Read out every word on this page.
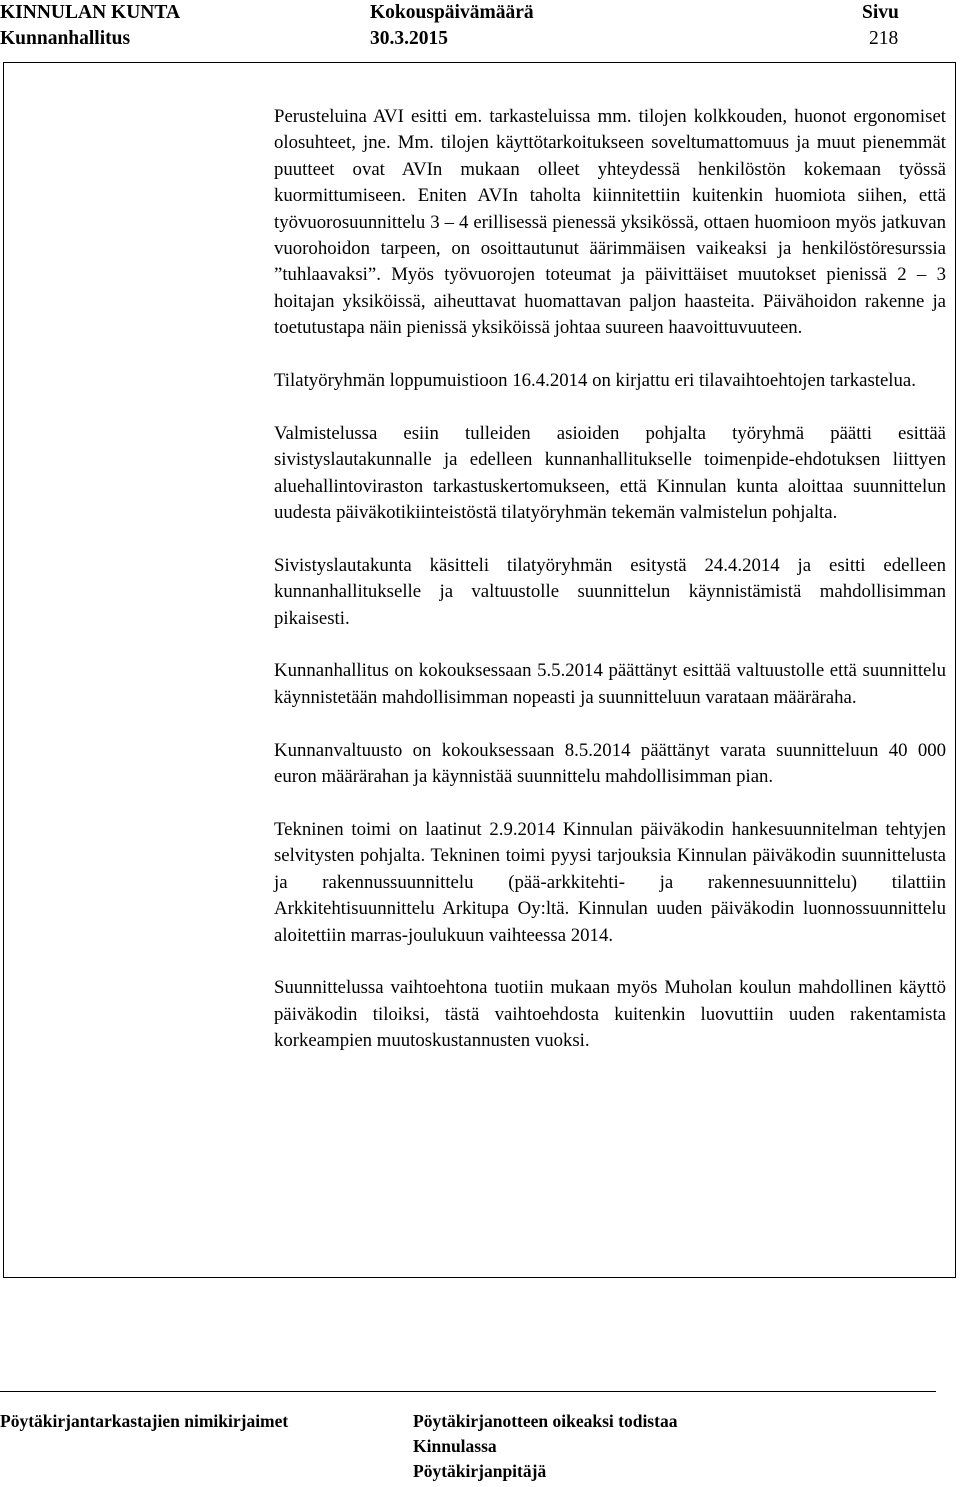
KINNULAN KUNTA
Kunnanhallitus
Kokouspäivämäärä
30.3.2015
Sivu
218

Perusteluina AVI esitti em. tarkasteluissa mm. tilojen kolkkouden, huonot ergonomiset olosuhteet, jne. Mm. tilojen käyttötarkoitukseen soveltumattomuus ja muut pienemmät puutteet ovat AVIn mukaan olleet yhteydessä henkilöstön kokemaan työssä kuormittumiseen. Eniten AVIn taholta kiinnitettiin kuitenkin huomiota siihen, että työvuorosuunnittelu 3 – 4 erillisessä pienessä yksikössä, ottaen huomioon myös jatkuvan vuorohoidon tarpeen, on osoittautunut äärimmäisen vaikeaksi ja henkilöstöresurssia ”tuhlaavaksi”. Myös työvuorojen toteumat ja päivittäiset muutokset pienissä 2 – 3 hoitajan yksiköissä, aiheuttavat huomattavan paljon haasteita. Päivähoidon rakenne ja toetutustapa näin pienissä yksiköissä johtaa suureen haavoittuvuuteen.

Tilatyöryhmän loppumuistioon 16.4.2014 on kirjattu eri tilavaihtoehtojen tarkastelua.

Valmistelussa esiin tulleiden asioiden pohjalta työryhmä päätti esittää sivistyslautakunnalle ja edelleen kunnanhallitukselle toimenpide-ehdotuksen liittyen aluehallintoviraston tarkastuskertomukseen, että Kinnulan kunta aloittaa suunnittelun uudesta päiväkotikiinteistöstä tilatyöryhmän tekemän valmistelun pohjalta.

Sivistyslautakunta käsitteli tilatyöryhmän esitystä 24.4.2014 ja esitti edelleen kunnanhallitukselle ja valtuustolle suunnittelun käynnistämistä mahdollisimman pikaisesti.

Kunnanhallitus on kokouksessaan 5.5.2014 päättänyt esittää valtuustolle että suunnittelu käynnistetään mahdollisimman nopeasti ja suunnitteluun varataan määräraha.

Kunnanvaltuusto on kokouksessaan 8.5.2014 päättänyt varata suunnitteluun 40 000 euron määrärahan ja käynnistää suunnittelu mahdollisimman pian.

Tekninen toimi on laatinut 2.9.2014 Kinnulan päiväkodin hankesuunnitelman tehtyjen selvitysten pohjalta. Tekninen toimi pyysi tarjouksia Kinnulan päiväkodin suunnittelusta ja rakennussuunnittelu (pää-arkkitehti- ja rakennesuunnittelu) tilattiin Arkkitehtisuunnittelu Arkitupa Oy:ltä. Kinnulan uuden päiväkodin luonnossuunnittelu aloitettiin marras-joulukuun vaihteessa 2014.

Suunnittelussa vaihtoehtona tuotiin mukaan myös Muholan koulun mahdollinen käyttö päiväkodin tiloiksi, tästä vaihtoehdosta kuitenkin luovuttiin uuden rakentamista korkeampien muutoskustannusten vuoksi.

Pöytäkirjantarkastajien nimikirjaimet	Pöytäkirjanotteen oikeaksi todistaa
Kinnulassa
Pöytäkirjanpitäjä
